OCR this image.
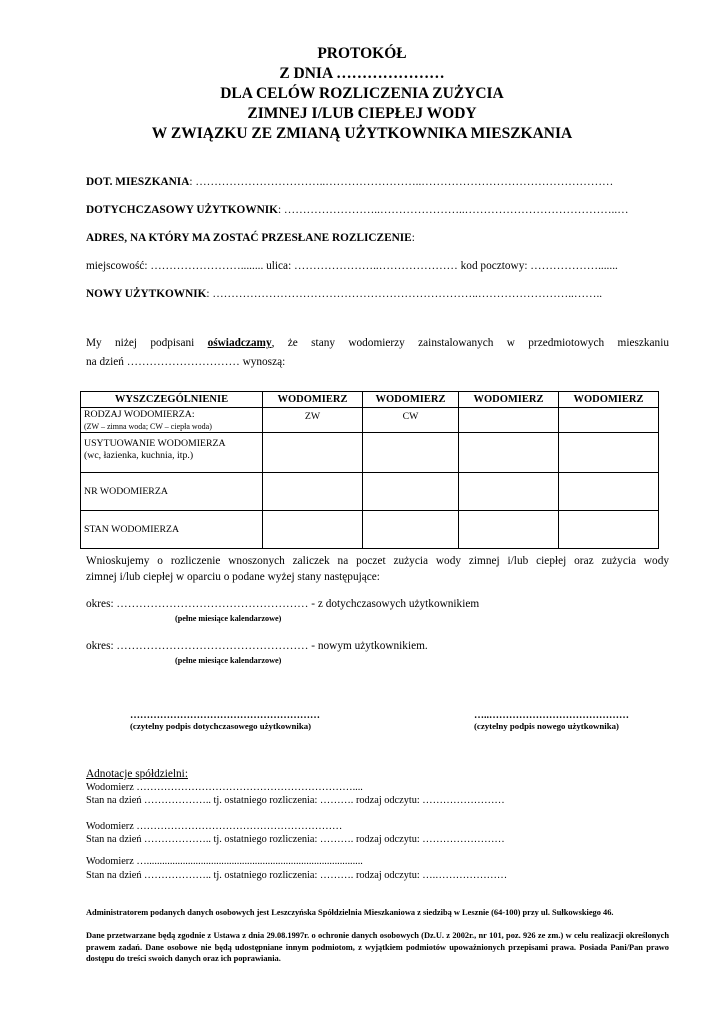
PROTOKÓŁ
Z DNIA …………………
DLA CELÓW ROZLICZENIA ZUŻYCIA
ZIMNEJ I/LUB CIEPŁEJ WODY
W ZWIĄZKU ZE ZMIANĄ UŻYTKOWNIKA MIESZKANIA
DOT. MIESZKANIA: ……………………………..……………………..……………………………………………
DOTYCHCZASOWY UŻYTKOWNIK: ……………………..…………………..…………………………………..…
ADRES, NA KTÓRY MA ZOSTAĆ PRZESŁANE ROZLICZENIE:
miejscowość: ……………………........ ulica: …………………..………………… kod pocztowy: ……………….......
NOWY UŻYTKOWNIK: ……………………………………………………………..……………………..……..
My niżej podpisani oświadczamy, że stany wodomierzy zainstalowanych w przedmiotowych mieszkaniu
na dzień ………………………… wynoszą:
WYSZCZEGÓLNIENIE	WODOMIERZ	WODOMIERZ	WODOMIERZ	WODOMIERZ

RODZAJ WODOMIERZA:
(ZW – zimna woda; CW – ciepła woda)	ZW	CW		

USYTUOWANIE WODOMIERZA
(wc, łazienka, kuchnia, itp.)				

NR WODOMIERZA				

STAN WODOMIERZA				

Wnioskujemy o rozliczenie wnoszonych zaliczek na poczet zużycia wody zimnej i/lub ciepłej oraz zużycia wody
zimnej i/lub ciepłej w oparciu o podane wyżej stany następujące:
okres: …………………………………………… - z dotychczasowych użytkownikiem
(pełne miesiące kalendarzowe)
okres: …………………………………………… - nowym użytkownikiem.
(pełne miesiące kalendarzowe)
…………………………………………………
(czytelny podpis dotychczasowego użytkownika)
…..……………………………………
(czytelny podpis nowego użytkownika)
Adnotacje spółdzielni:
Wodomierz ………………………………………………………....
Stan na dzień ……………….. tj. ostatniego rozliczenia: ………. rodzaj odczytu: ……………………
Wodomierz ……………………………………………………
Stan na dzień ……………….. tj. ostatniego rozliczenia: ………. rodzaj odczytu: ……………………
Wodomierz …....................................................................................
Stan na dzień ……………….. tj. ostatniego rozliczenia: ………. rodzaj odczytu: ….…………………
Administratorem podanych danych osobowych jest Leszczyńska Spółdzielnia Mieszkaniowa z siedzibą w Lesznie (64-100) przy ul. Sułkowskiego 46.
Dane przetwarzane będą zgodnie z Ustawa z dnia 29.08.1997r. o ochronie danych osobowych (Dz.U. z 2002r., nr 101, poz. 926 ze zm.) w celu realizacji określonych prawem zadań. Dane osobowe nie będą udostępniane innym podmiotom, z wyjątkiem podmiotów upoważnionych przepisami prawa. Posiada Pani/Pan prawo dostępu do treści swoich danych oraz ich poprawiania.
